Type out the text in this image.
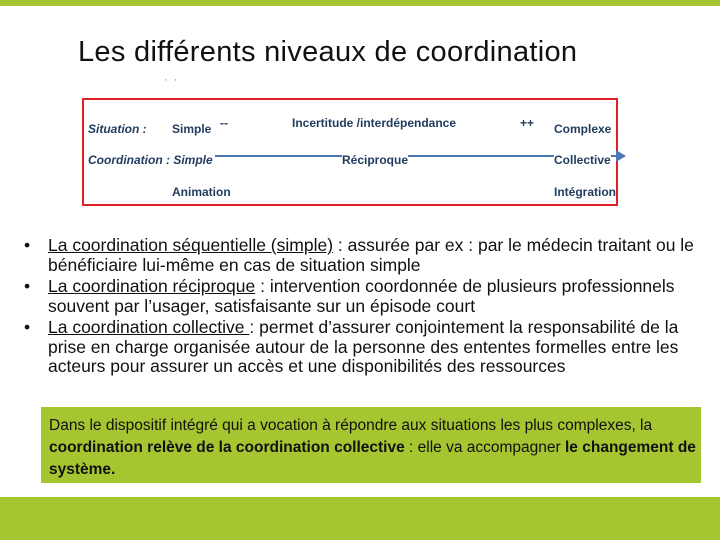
Les différents niveaux de coordination
··
Situation : Simple --	Incertitude /interdépendance	++ Complexe
Coordination : Simple	Réciproque	Collective
Animation	Intégration
• La coordination séquentielle (simple) : assurée par ex : par le médecin traitant ou le bénéficiaire lui-même en cas de situation simple
• La coordination réciproque : intervention coordonnée de plusieurs professionnels souvent par l’usager, satisfaisante sur un épisode court
• La coordination collective : permet d’assurer conjointement la responsabilité de la prise en charge organisée autour de la personne des ententes formelles entre les acteurs pour assurer un accès et une disponibilités des ressources

Dans le dispositif intégré qui a vocation à répondre aux situations les plus complexes, la coordination relève de la coordination collective : elle va accompagner le changement de système.
